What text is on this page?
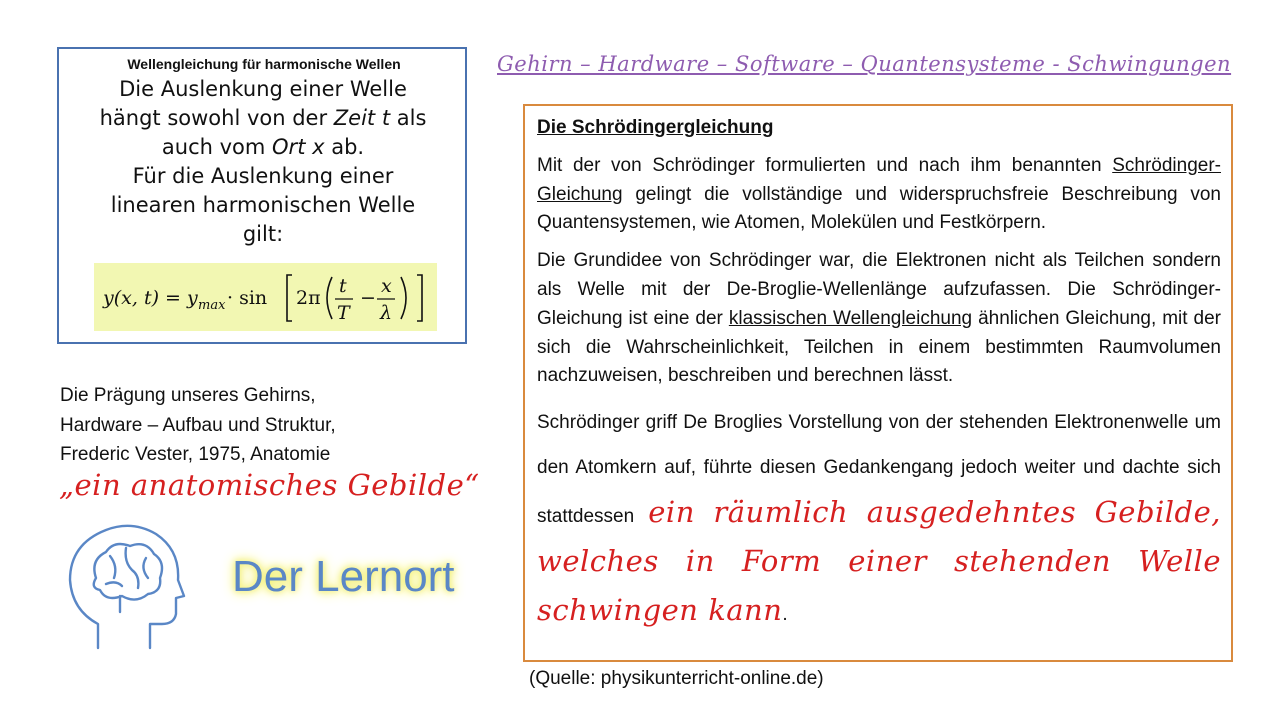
Wellengleichung für harmonische Wellen
Die Auslenkung einer Welle
hängt sowohl von der Zeit t als
auch vom Ort x ab.
Für die Auslenkung einer
linearen harmonischen Welle
gilt:
y(x, t) = y max · sin 2π
t
T
−
x
λ
Gehirn – Hardware – Software – Quantensysteme - Schwingungen
Die Prägung unseres Gehirns,
Hardware – Aufbau und Struktur,
Frederic Vester, 1975, Anatomie
„ein anatomisches Gebilde“
Der Lernort
Die Schrödingergleichung
Mit der von Schrödinger formulierten und nach ihm benannten Schrödinger-Gleichung gelingt die vollständige und widerspruchsfreie Beschreibung von Quantensystemen, wie Atomen, Molekülen und Festkörpern.
Die Grundidee von Schrödinger war, die Elektronen nicht als Teilchen sondern als Welle mit der De-Broglie-Wellenlänge aufzufassen. Die Schrödinger-Gleichung ist eine der klassischen Wellengleichung ähnlichen Gleichung, mit der sich die Wahrscheinlichkeit, Teilchen in einem bestimmten Raumvolumen nachzuweisen, beschreiben und berechnen lässt.
Schrödinger griff De Broglies Vorstellung von der stehenden Elektronenwelle um den Atomkern auf, führte diesen Gedankengang jedoch weiter und dachte sich stattdessen ein räumlich ausgedehntes Gebilde, welches in Form einer stehenden Welle schwingen kann.
(Quelle: physikunterricht-online.de)
